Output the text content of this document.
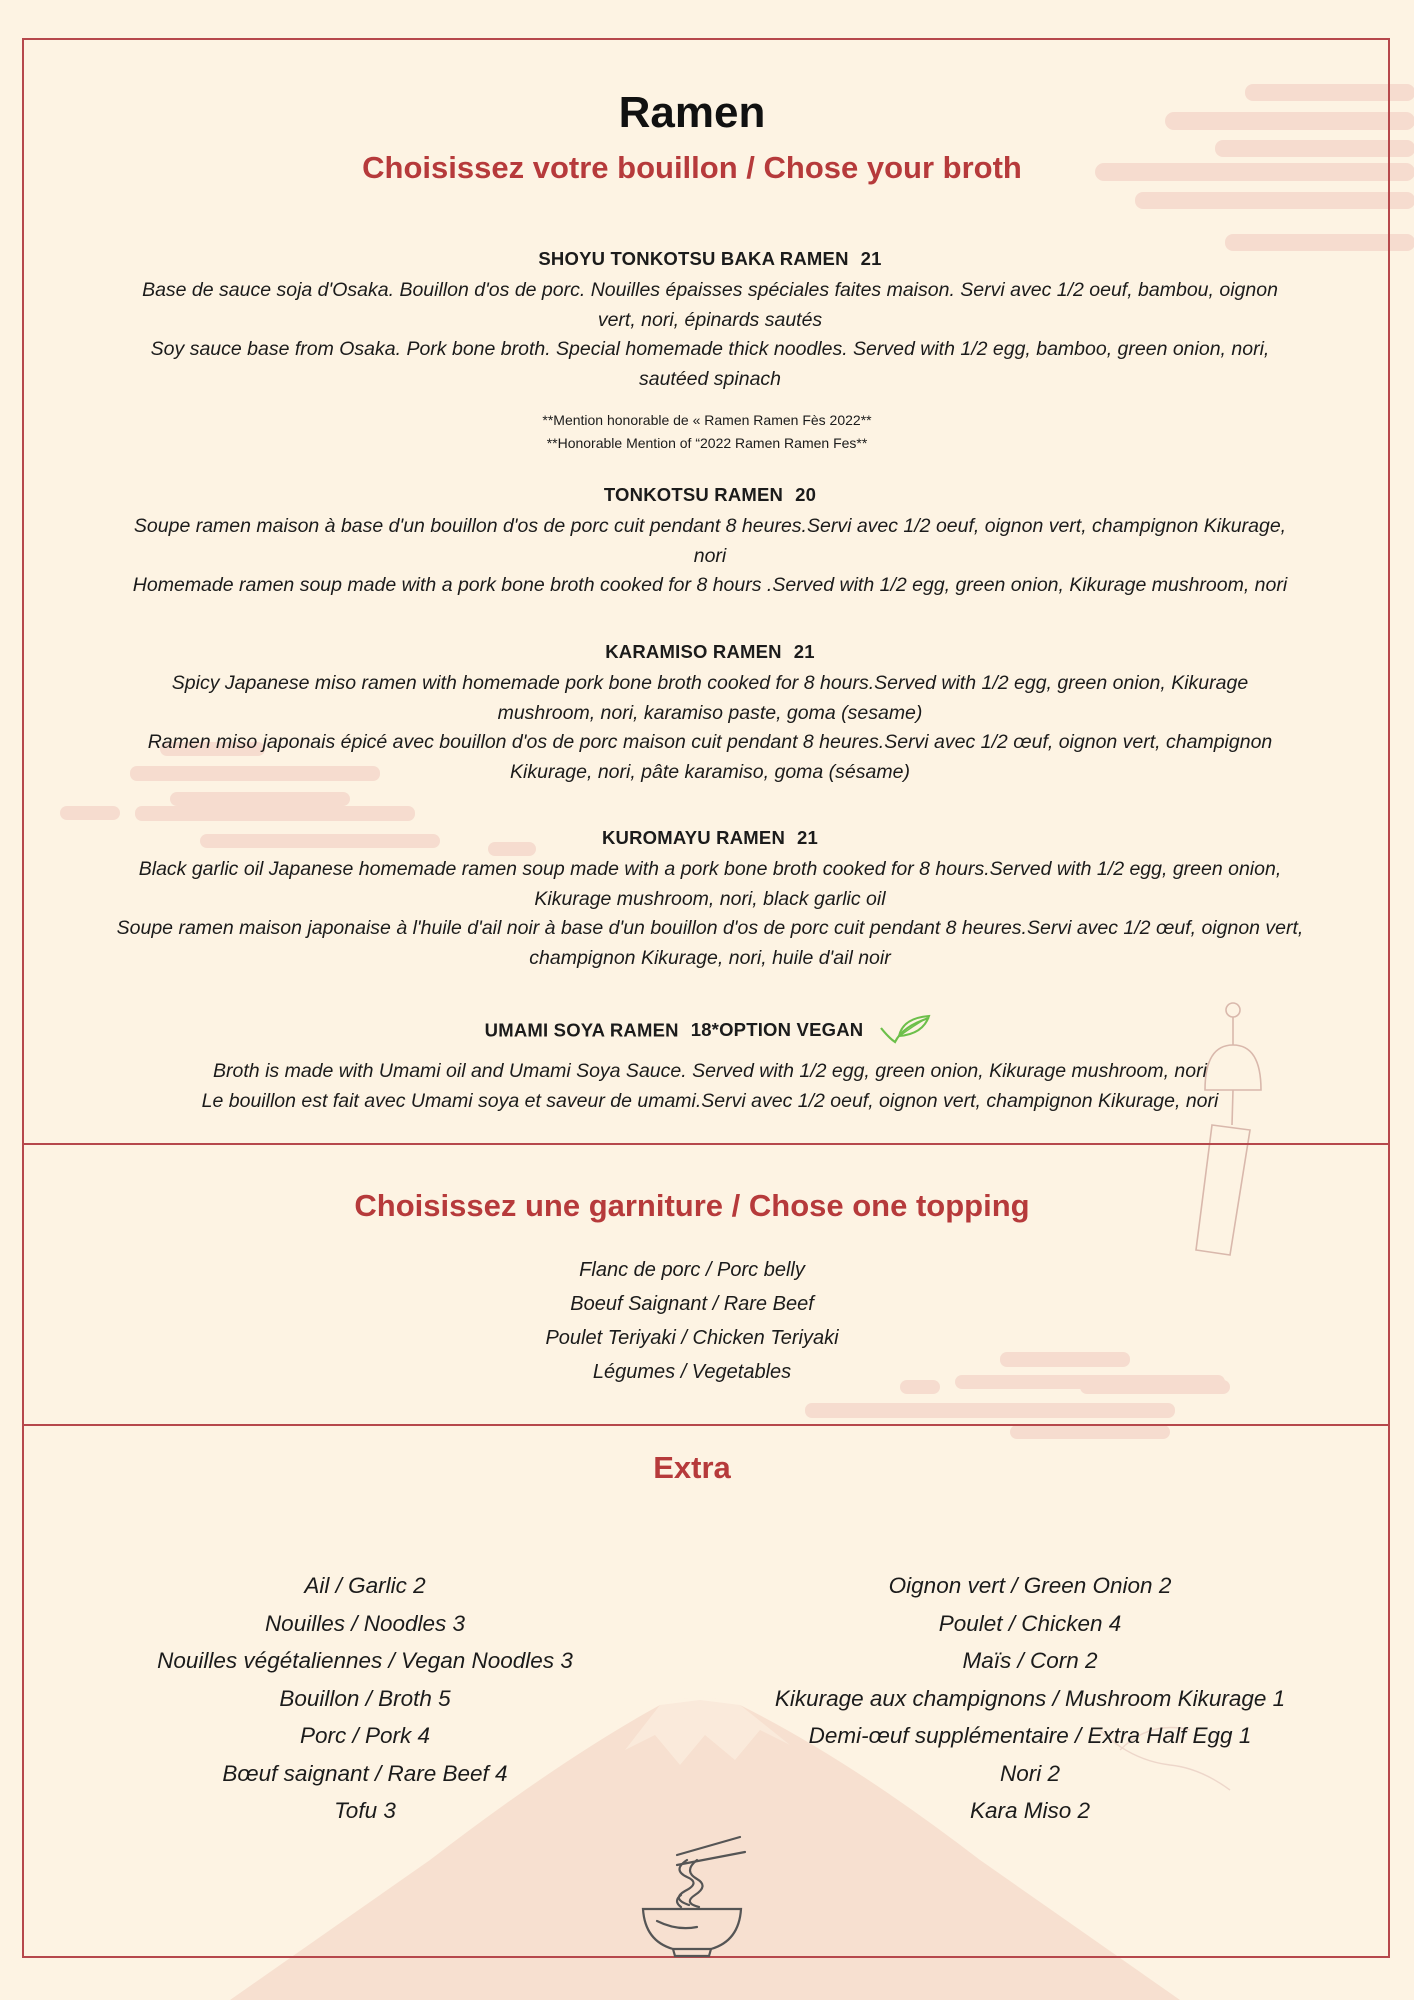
Ramen
Choisissez votre bouillon / Chose your broth
SHOYU TONKOTSU BAKA RAMEN 21
Base de sauce soja d'Osaka. Bouillon d'os de porc. Nouilles épaisses spéciales faites maison. Servi avec 1/2 oeuf, bambou, oignon
vert, nori, épinards sautés
Soy sauce base from Osaka. Pork bone broth. Special homemade thick noodles. Served with 1/2 egg, bamboo, green onion, nori,
sautéed spinach
**Mention honorable de « Ramen Ramen Fès 2022**
**Honorable Mention of “2022 Ramen Ramen Fes**
TONKOTSU RAMEN 20
Soupe ramen maison à base d'un bouillon d'os de porc cuit pendant 8 heures.Servi avec 1/2 oeuf, oignon vert, champignon Kikurage,
nori
Homemade ramen soup made with a pork bone broth cooked for 8 hours .Served with 1/2 egg, green onion, Kikurage mushroom, nori
KARAMISO RAMEN 21
Spicy Japanese miso ramen with homemade pork bone broth cooked for 8 hours.Served with 1/2 egg, green onion, Kikurage
mushroom, nori, karamiso paste, goma (sesame)
Ramen miso japonais épicé avec bouillon d'os de porc maison cuit pendant 8 heures.Servi avec 1/2 œuf, oignon vert, champignon
Kikurage, nori, pâte karamiso, goma (sésame)
KUROMAYU RAMEN 21
Black garlic oil Japanese homemade ramen soup made with a pork bone broth cooked for 8 hours.Served with 1/2 egg, green onion,
Kikurage mushroom, nori, black garlic oil
Soupe ramen maison japonaise à l'huile d'ail noir à base d'un bouillon d'os de porc cuit pendant 8 heures.Servi avec 1/2 œuf, oignon vert,
champignon Kikurage, nori, huile d'ail noir
UMAMI SOYA RAMEN 18*OPTION VEGAN
Broth is made with Umami oil and Umami Soya Sauce. Served with 1/2 egg, green onion, Kikurage mushroom, nori
Le bouillon est fait avec Umami soya et saveur de umami.Servi avec 1/2 oeuf, oignon vert, champignon Kikurage, nori
Choisissez une garniture / Chose one topping
Flanc de porc / Porc belly
Boeuf Saignant / Rare Beef
Poulet Teriyaki / Chicken Teriyaki
Légumes / Vegetables
Extra
Ail / Garlic 2
Nouilles / Noodles 3
Nouilles végétaliennes / Vegan Noodles 3
Bouillon / Broth 5
Porc / Pork 4
Bœuf saignant / Rare Beef 4
Tofu 3
Oignon vert / Green Onion 2
Poulet / Chicken 4
Maïs / Corn 2
Kikurage aux champignons / Mushroom Kikurage 1
Demi-œuf supplémentaire / Extra Half Egg 1
Nori 2
Kara Miso 2
